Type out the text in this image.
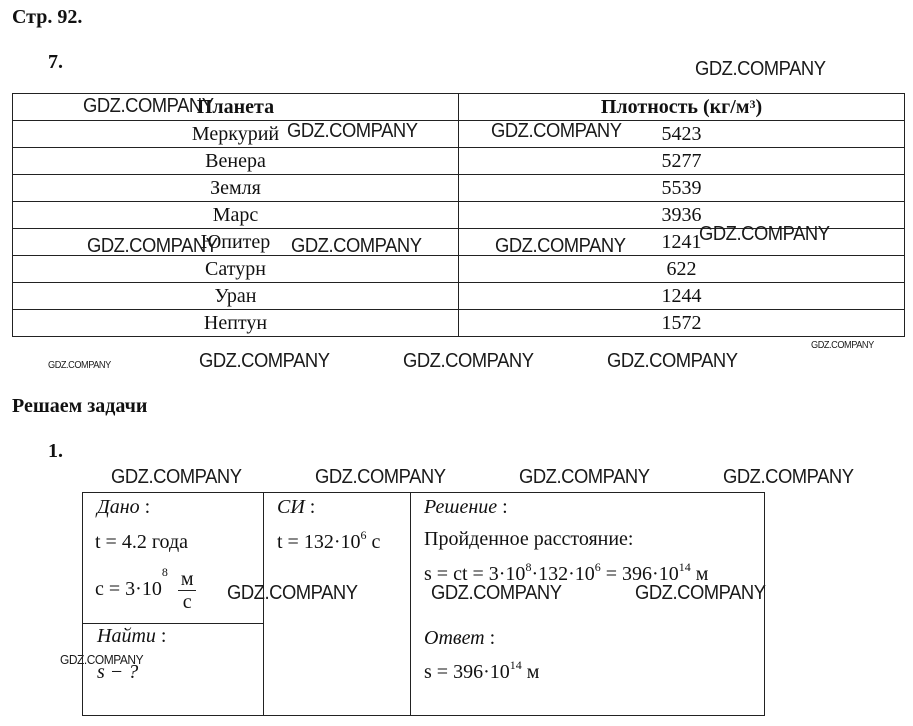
Стр. 92.
7.
Планета	Плотность $(кг/м^3)$
Меркурий	5423
Венера	5277
Земля	5539
Марс	3936
Юпитер	1241
Сатурн	622
Уран	1244
Нептун	1572
Решаем задачи
1.
Дано :
t = 4.2 года
$c = 3\cdot 10^8 \frac{м}{с}$
Найти :
s − ?
СИ :
$t = 132\cdot 10^6$ с
Решение :
Пройденное расстояние:
s = ct = $3\cdot 10^8\cdot 132\cdot 10^6 = 396\cdot 10^{14}$ м
Ответ :
$s = 396\cdot 10^{14}$ м
GDZ.COMPANY
GDZ.COMPANY
GDZ.COMPANY	GDZ.COMPANY
GDZ.COMPANY	GDZ.COMPANY	GDZ.COMPANY
GDZ.COMPANY
GDZ.COMPANY	GDZ.COMPANY	GDZ.COMPANY	GDZ.COMPANY
GDZ.COMPANY
GDZ.COMPANY	GDZ.COMPANY	GDZ.COMPANY	GDZ.COMPANY
GDZ.COMPANY	GDZ.COMPANY	GDZ.COMPANY
GDZ.COMPANY
